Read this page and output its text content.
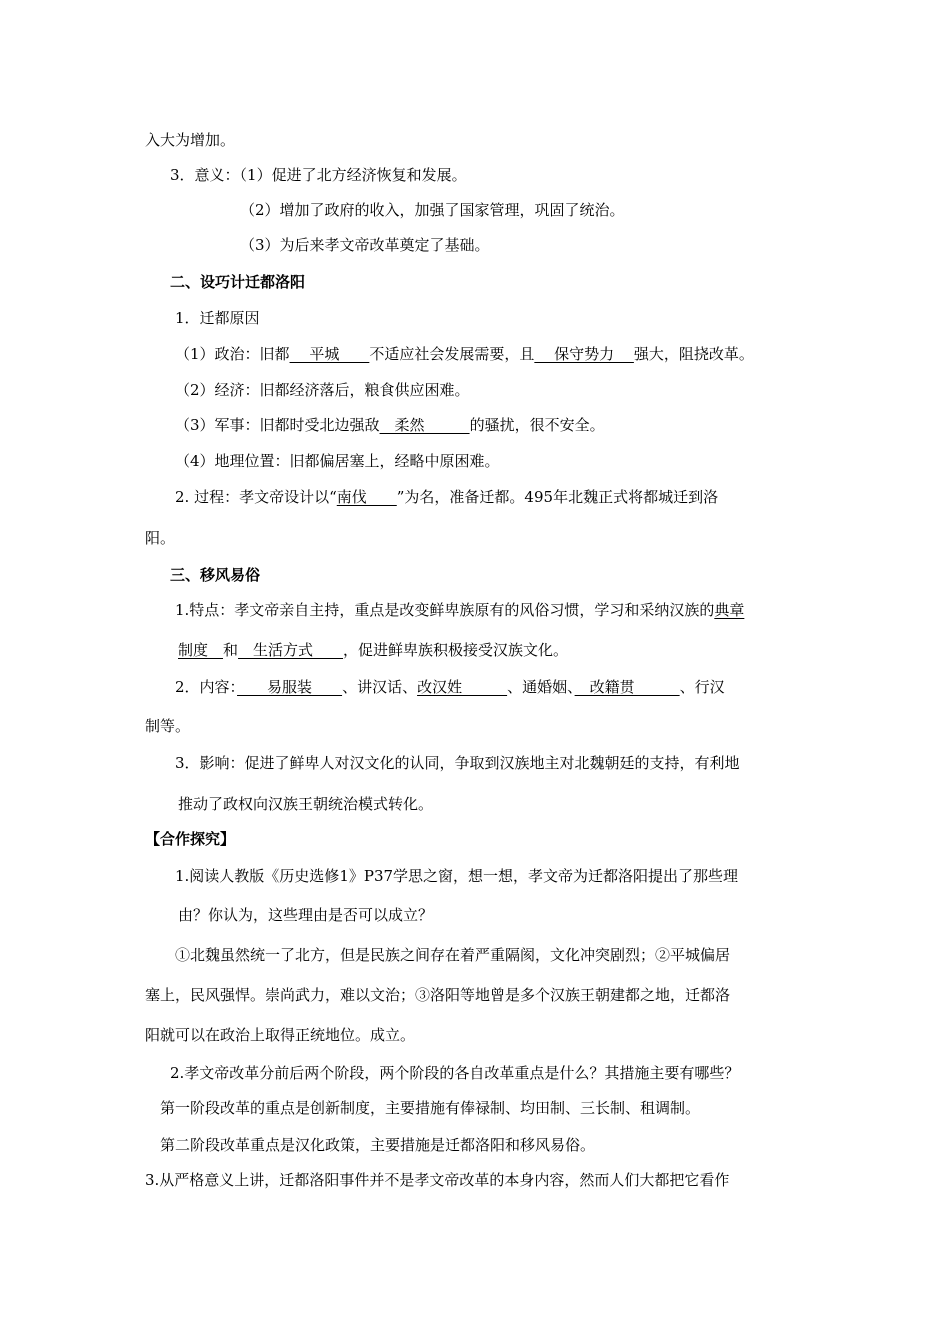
入大为增加。
3．意义：（1）促进了北方经济恢复和发展。
（2）增加了政府的收入，加强了国家管理，巩固了统治。
（3）为后来孝文帝改革奠定了基础。
二、设巧计迁都洛阳
1．迁都原因
（1）政治：旧都　 平城　　不适应社会发展需要，且　 保守势力 　强大，阻挠改革。
（2）经济：旧都经济落后，粮食供应困难。
（3）军事：旧都时受北边强敌　柔然　　　的骚扰，很不安全。
（4）地理位置：旧都偏居塞上，经略中原困难。
2. 过程：孝文帝设计以“南伐　　”为名，准备迁都。495年北魏正式将都城迁到洛
阳。
三、移风易俗
1.特点：孝文帝亲自主持，重点是改变鲜卑族原有的风俗习惯，学习和采纳汉族的典章
制度　和　生活方式　　，促进鲜卑族积极接受汉族文化。
2．内容：　　易服装　　、讲汉话、改汉姓　　　、通婚姻、　改籍贯　　　、行汉
制等。
3．影响：促进了鲜卑人对汉文化的认同，争取到汉族地主对北魏朝廷的支持，有利地
推动了政权向汉族王朝统治模式转化。
【合作探究】
1.阅读人教版《历史选修1》P37学思之窗，想一想，孝文帝为迁都洛阳提出了那些理
由？你认为，这些理由是否可以成立？
①北魏虽然统一了北方，但是民族之间存在着严重隔阂，文化冲突剧烈；②平城偏居
塞上，民风强悍。崇尚武力，难以文治；③洛阳等地曾是多个汉族王朝建都之地，迁都洛
阳就可以在政治上取得正统地位。成立。
2.孝文帝改革分前后两个阶段，两个阶段的各自改革重点是什么？其措施主要有哪些？
第一阶段改革的重点是创新制度，主要措施有俸禄制、均田制、三长制、租调制。
第二阶段改革重点是汉化政策，主要措施是迁都洛阳和移风易俗。
3.从严格意义上讲，迁都洛阳事件并不是孝文帝改革的本身内容，然而人们大都把它看作
